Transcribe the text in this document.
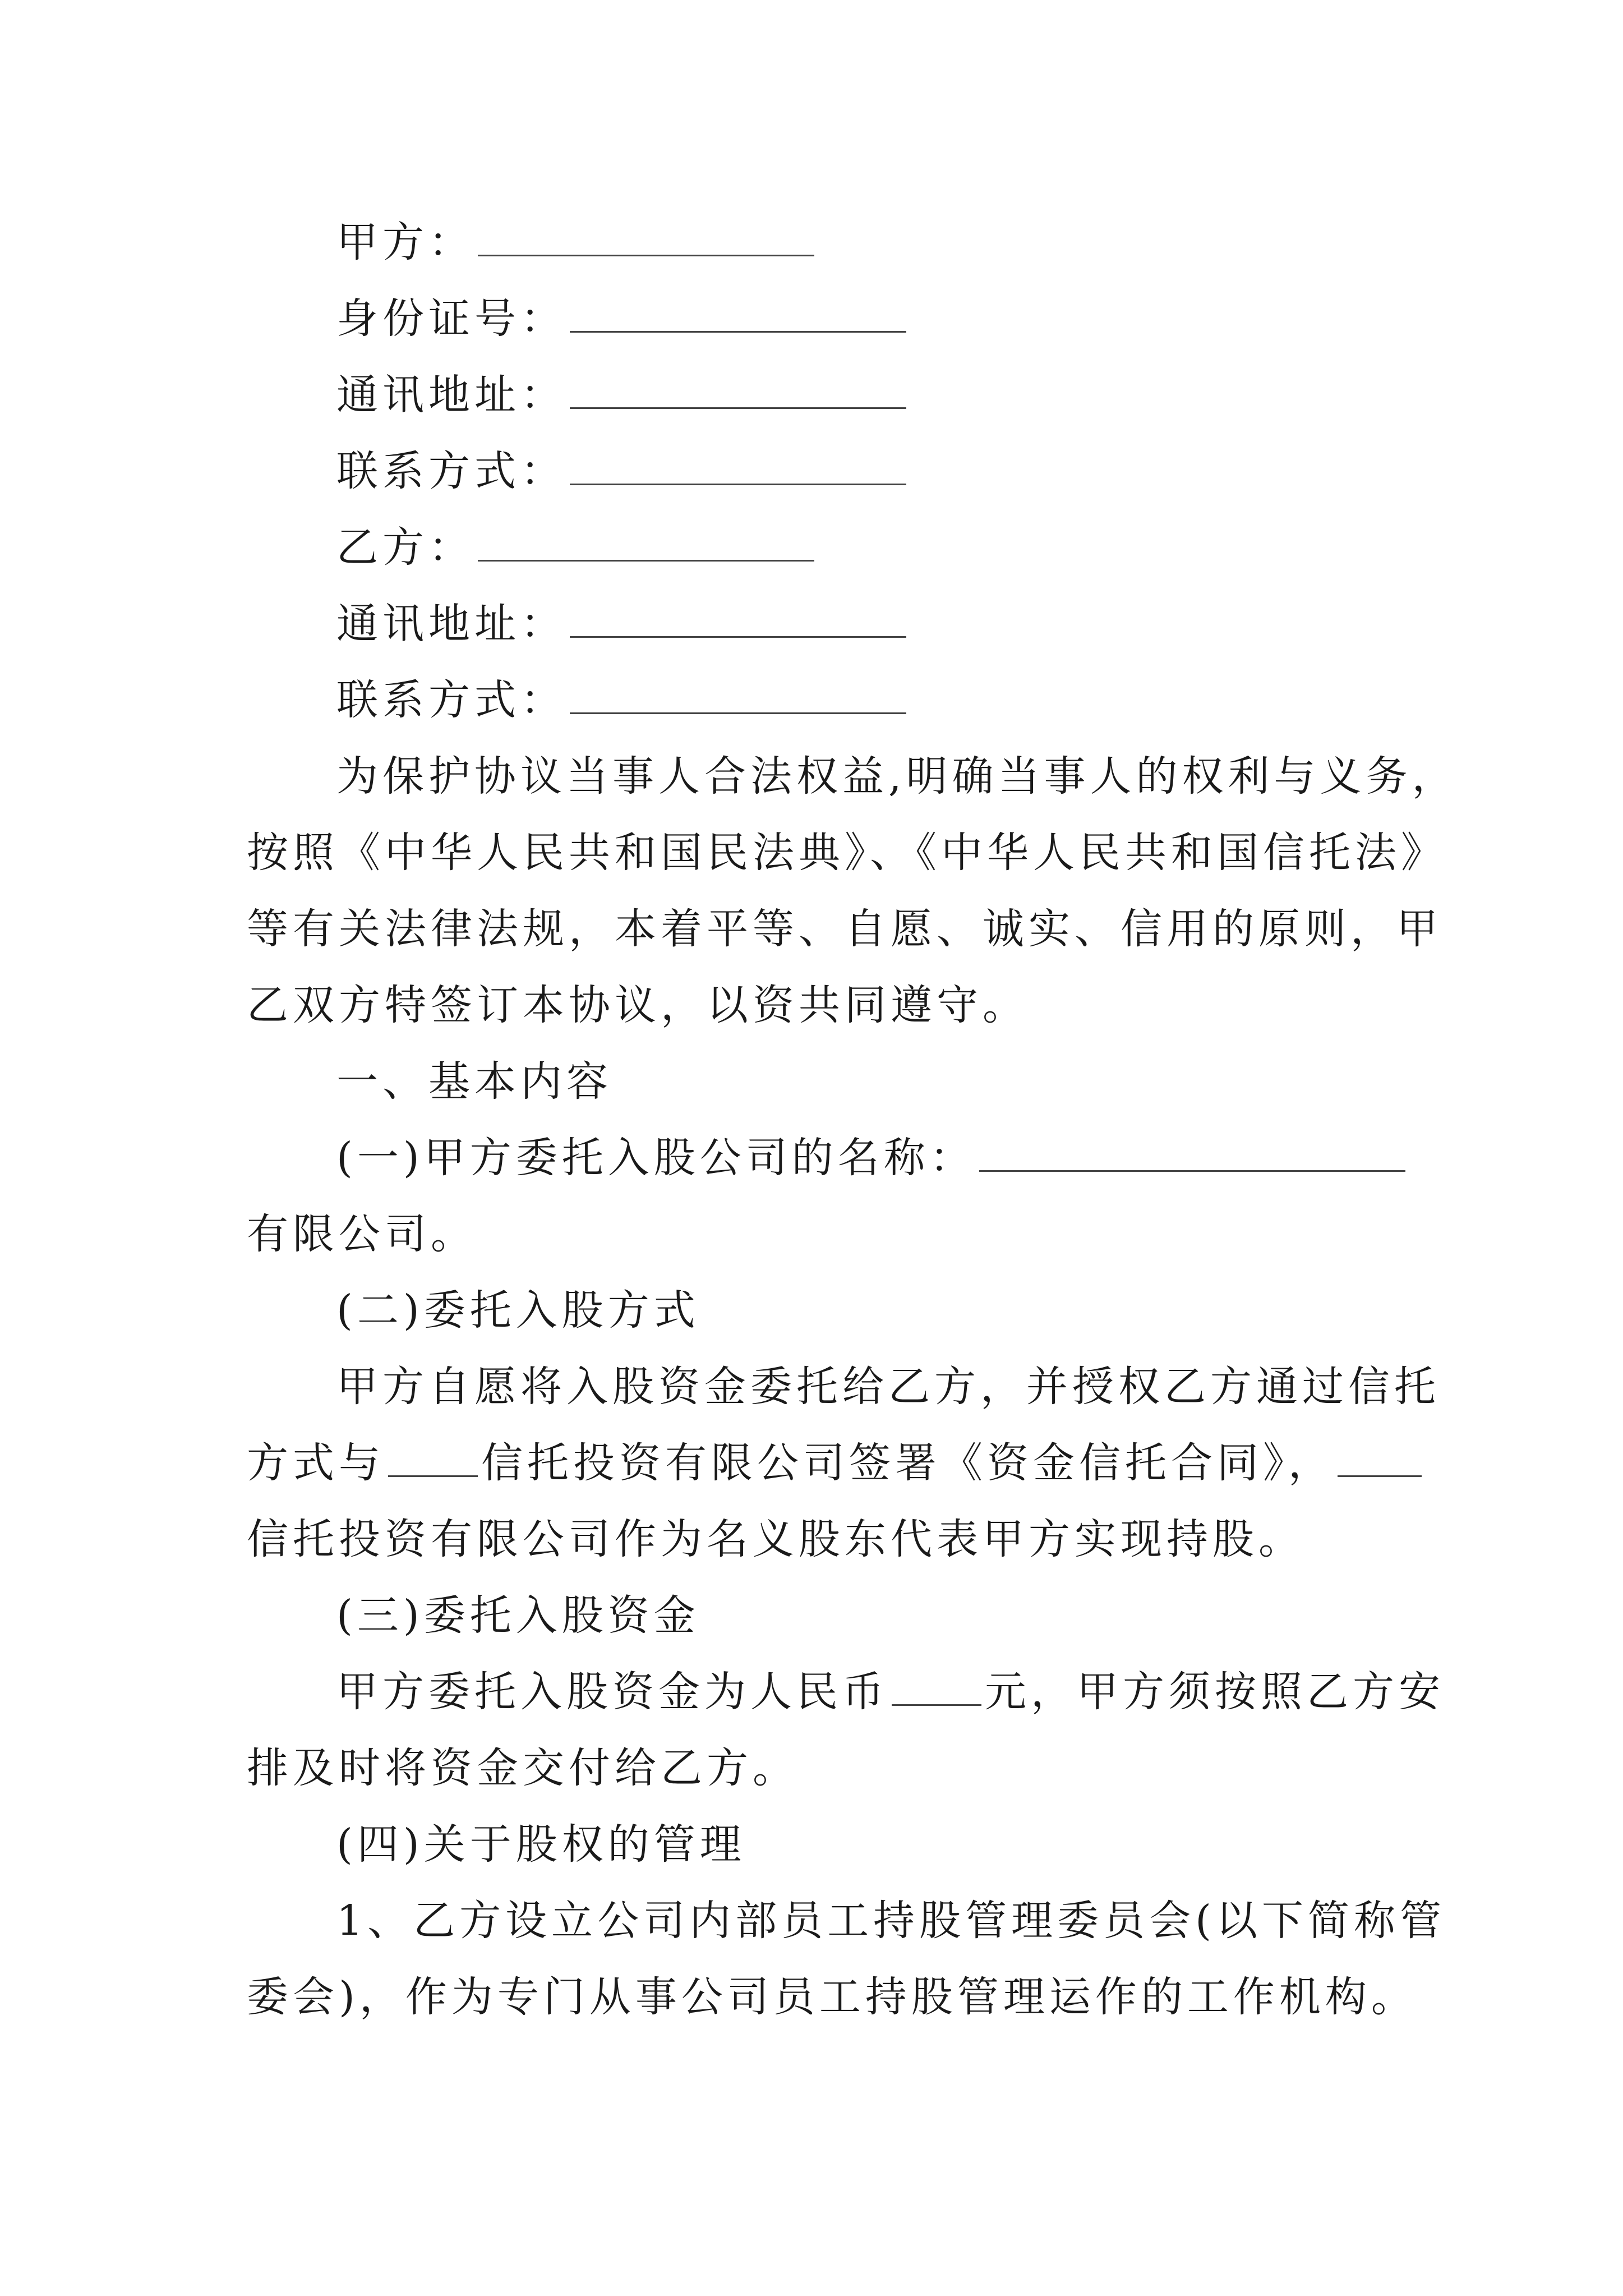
甲方：
身份证号：
通讯地址：
联系方式：
乙方：
通讯地址：
联系方式：
为保护协议当事人合法权益,明确当事人的权利与义务，
按照《中华人民共和国民法典》、《中华人民共和国信托法》
等有关法律法规，本着平等、自愿、诚实、信用的原则，甲
乙双方特签订本协议，以资共同遵守。
一、基本内容
(一)甲方委托入股公司的名称：
有限公司。
(二)委托入股方式
甲方自愿将入股资金委托给乙方，并授权乙方通过信托
方式与 信托投资有限公司签署《资金信托合同》，
信托投资有限公司作为名义股东代表甲方实现持股。
(三)委托入股资金
甲方委托入股资金为人民币 元，甲方须按照乙方安
排及时将资金交付给乙方。
(四)关于股权的管理
1、乙方设立公司内部员工持股管理委员会(以下简称管
委会)，作为专门从事公司员工持股管理运作的工作机构。
